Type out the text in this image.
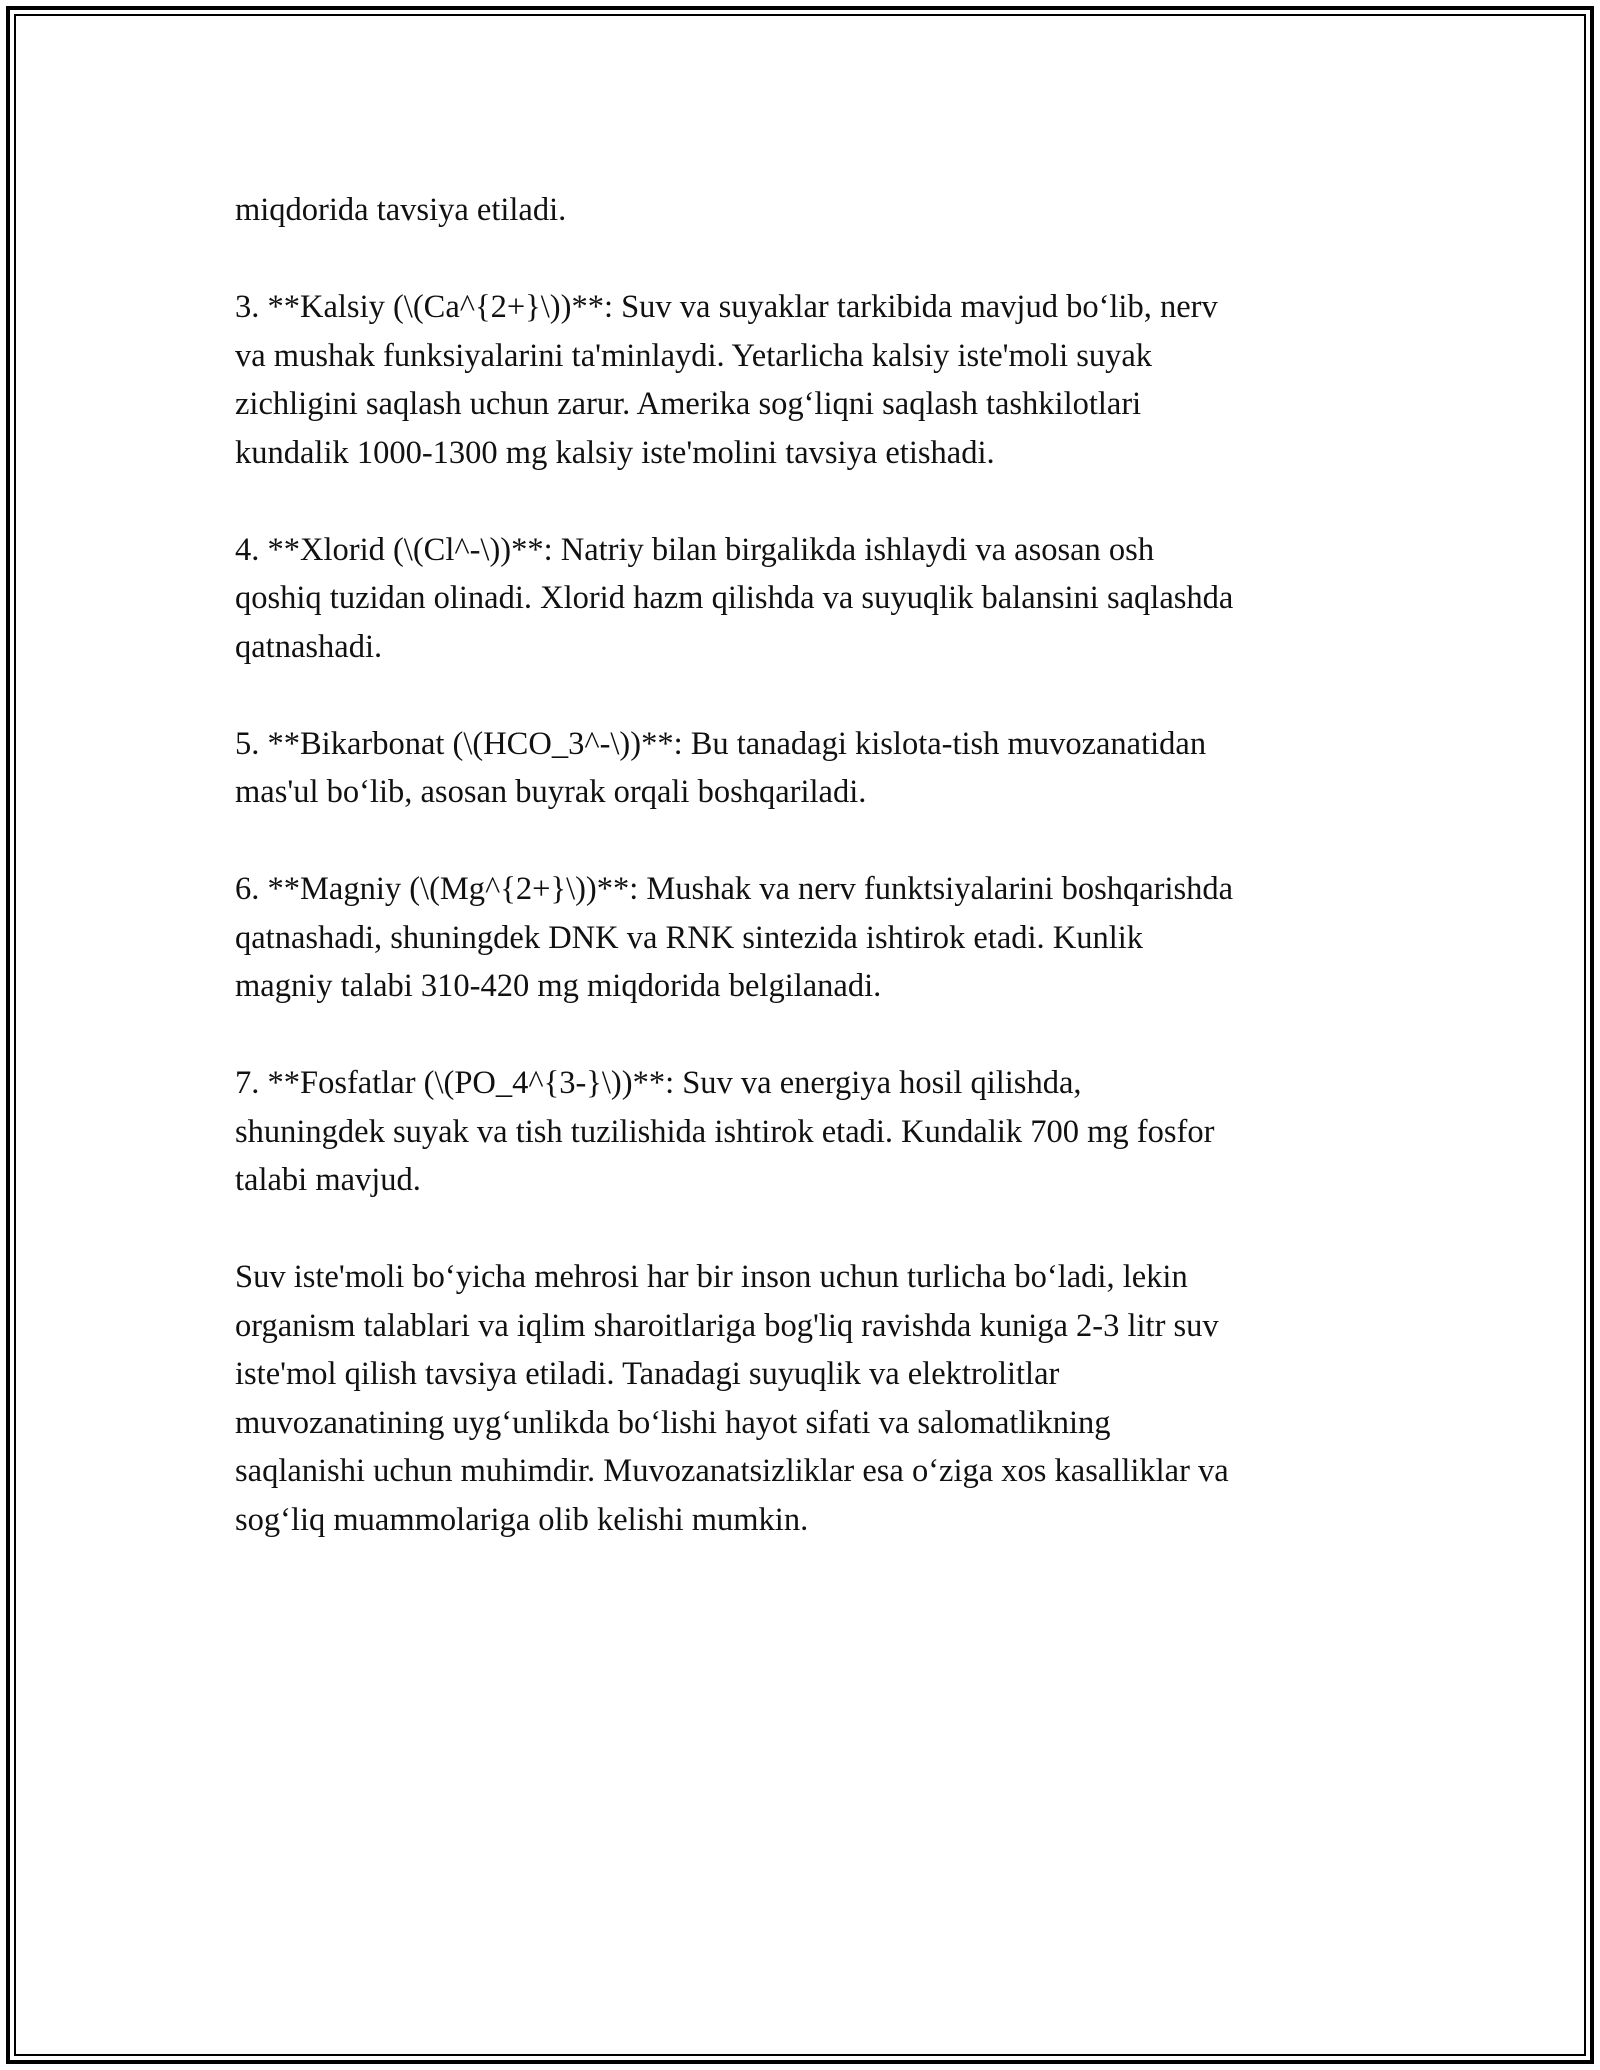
miqdorida tavsiya etiladi.

3. **Kalsiy (\(Ca^{2+}\))**: Suv va suyaklar tarkibida mavjud bo‘lib, nerv
va mushak funksiyalarini ta'minlaydi. Yetarlicha kalsiy iste'moli suyak
zichligini saqlash uchun zarur. Amerika sog‘liqni saqlash tashkilotlari
kundalik 1000-1300 mg kalsiy iste'molini tavsiya etishadi.

4. **Xlorid (\(Cl^-\))**: Natriy bilan birgalikda ishlaydi va asosan osh
qoshiq tuzidan olinadi. Xlorid hazm qilishda va suyuqlik balansini saqlashda
qatnashadi.

5. **Bikarbonat (\(HCO_3^-\))**: Bu tanadagi kislota-tish muvozanatidan
mas'ul bo‘lib, asosan buyrak orqali boshqariladi.

6. **Magniy (\(Mg^{2+}\))**: Mushak va nerv funktsiyalarini boshqarishda
qatnashadi, shuningdek DNK va RNK sintezida ishtirok etadi. Kunlik
magniy talabi 310-420 mg miqdorida belgilanadi.

7. **Fosfatlar (\(PO_4^{3-}\))**: Suv va energiya hosil qilishda,
shuningdek suyak va tish tuzilishida ishtirok etadi. Kundalik 700 mg fosfor
talabi mavjud.

Suv iste'moli bo‘yicha mehrosi har bir inson uchun turlicha bo‘ladi, lekin
organism talablari va iqlim sharoitlariga bog'liq ravishda kuniga 2-3 litr suv
iste'mol qilish tavsiya etiladi. Tanadagi suyuqlik va elektrolitlar
muvozanatining uyg‘unlikda bo‘lishi hayot sifati va salomatlikning
saqlanishi uchun muhimdir. Muvozanatsizliklar esa o‘ziga xos kasalliklar va
sog‘liq muammolariga olib kelishi mumkin.
